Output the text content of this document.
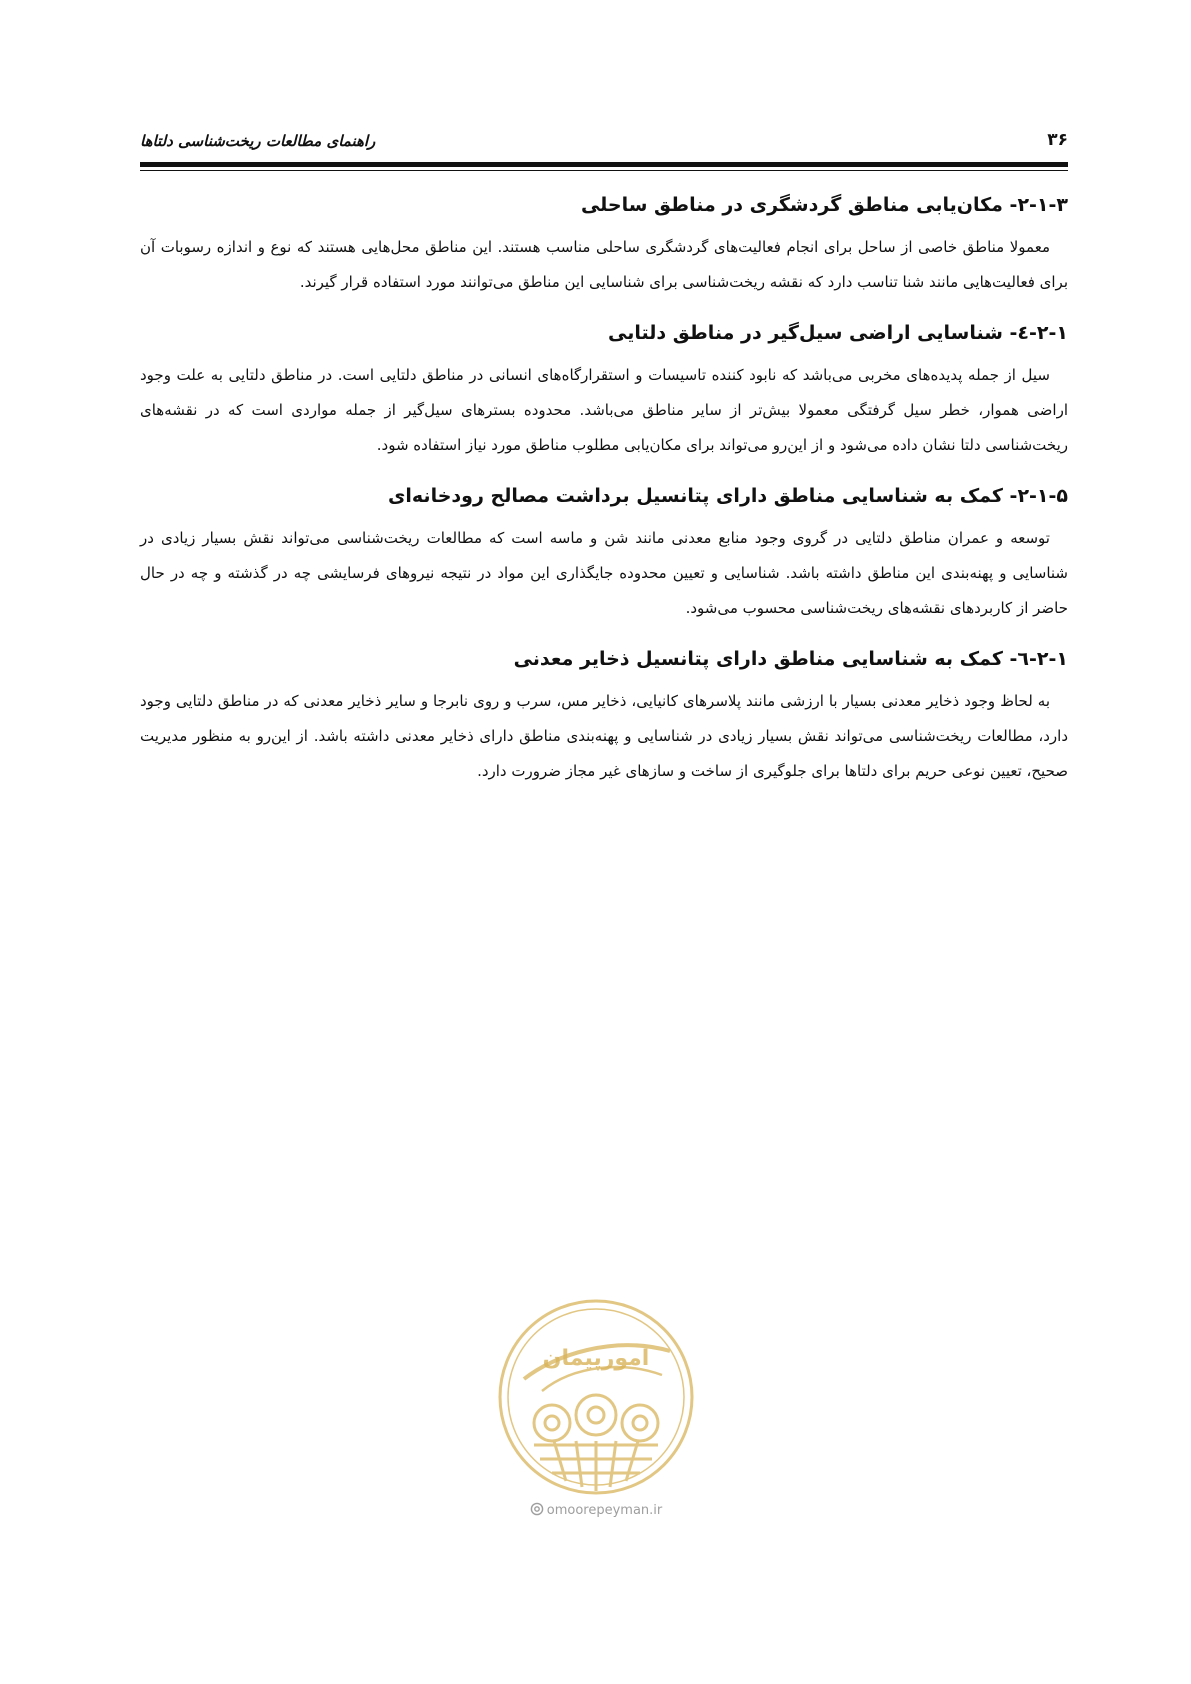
۳۶
راهنمای مطالعات ریخت‌شناسی دلتاها
۲-۱-۳- مکان‌یابی مناطق گردشگری در مناطق ساحلی

معمولا مناطق خاصی از ساحل برای انجام فعالیت‌های گردشگری ساحلی مناسب هستند. این مناطق محل‌هایی هستند که نوع و اندازه رسوبات آن برای فعالیت‌هایی مانند شنا تناسب دارد که نقشه ریخت‌شناسی برای شناسایی این مناطق می‌توانند مورد استفاده قرار گیرند.

۲-۱-٤- شناسایی اراضی سیل‌گیر در مناطق دلتایی

سیل از جمله پدیده‌های مخربی می‌باشد که نابود کننده تاسیسات و استقرارگاه‌های انسانی در مناطق دلتایی است. در مناطق دلتایی به علت وجود اراضی هموار، خطر سیل گرفتگی معمولا بیش‌تر از سایر مناطق می‌باشد. محدوده بسترهای سیل‌گیر از جمله مواردی است که در نقشه‌های ریخت‌شناسی دلتا نشان داده می‌شود و از این‌رو می‌تواند برای مکان‌یابی مطلوب مناطق مورد نیاز استفاده شود.

۲-۱-۵- کمک به شناسایی مناطق دارای پتانسیل برداشت مصالح رودخانه‌ای

توسعه و عمران مناطق دلتایی در گروی وجود منابع معدنی مانند شن و ماسه است که مطالعات ریخت‌شناسی می‌تواند نقش بسیار زیادی در شناسایی و پهنه‌بندی این مناطق داشته باشد. شناسایی و تعیین محدوده جایگذاری این مواد در نتیجه نیروهای فرسایشی چه در گذشته و چه در حال حاضر از کاربردهای نقشه‌های ریخت‌شناسی محسوب می‌شود.

۲-۱-٦- کمک به شناسایی مناطق دارای پتانسیل ذخایر معدنی

به لحاظ وجود ذخایر معدنی بسیار با ارزشی مانند پلاسرهای کانیایی، ذخایر مس، سرب و روی نابرجا و سایر ذخایر معدنی که در مناطق دلتایی وجود دارد، مطالعات ریخت‌شناسی می‌تواند نقش بسیار زیادی در شناسایی و پهنه‌بندی مناطق دارای ذخایر معدنی داشته باشد. از این‌رو به منظور مدیریت صحیح، تعیین نوعی حریم برای دلتاها برای جلوگیری از ساخت و سازهای غیر مجاز ضرورت دارد.

امورپیمان
omoorepeyman.ir
